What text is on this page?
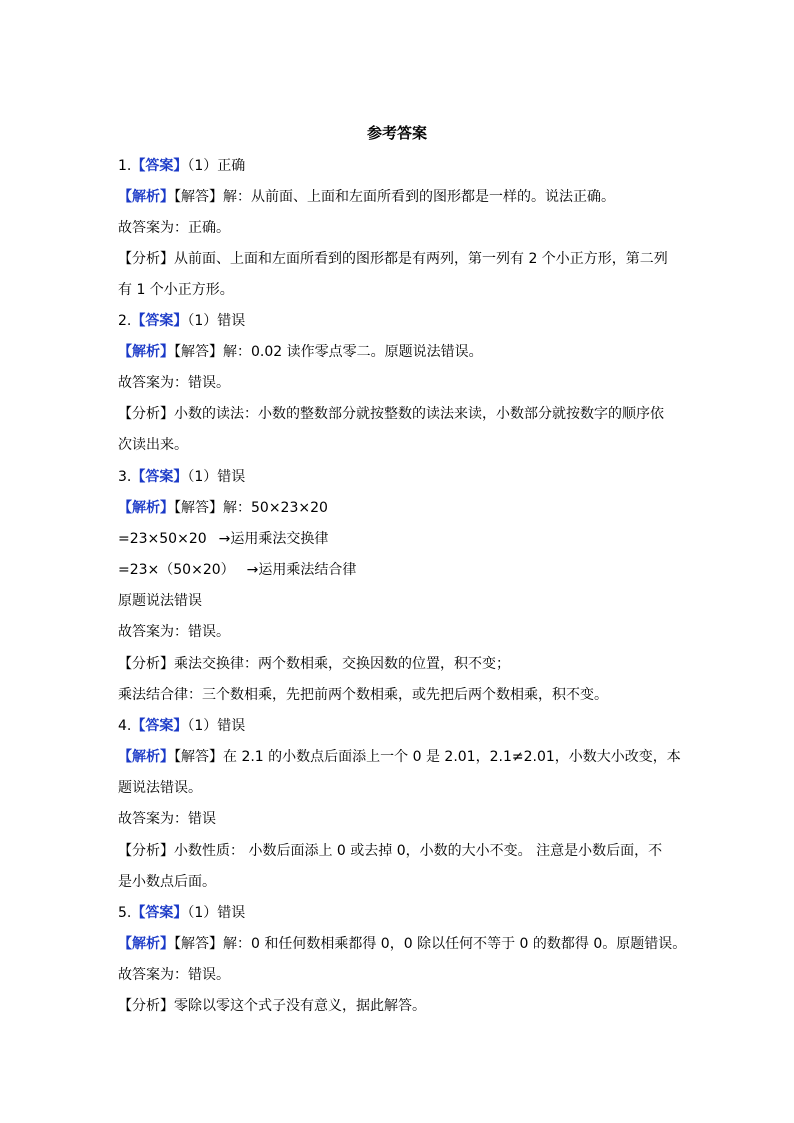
参考答案
1.【答案】（1）正确
【解析】【解答】解：从前面、上面和左面所看到的图形都是一样的。说法正确。
故答案为：正确。
【分析】从前面、上面和左面所看到的图形都是有两列，第一列有 2 个小正方形，第二列
有 1 个小正方形。
2.【答案】（1）错误
【解析】【解答】解：0.02 读作零点零二。原题说法错误。
故答案为：错误。
【分析】小数的读法：小数的整数部分就按整数的读法来读，小数部分就按数字的顺序依
次读出来。
3.【答案】（1）错误
【解析】【解答】解：50×23×20
=23×50×20 →运用乘法交换律
=23×（50×20） →运用乘法结合律
原题说法错误
故答案为：错误。
【分析】乘法交换律：两个数相乘，交换因数的位置，积不变；
乘法结合律：三个数相乘，先把前两个数相乘，或先把后两个数相乘，积不变。
4.【答案】（1）错误
【解析】【解答】在 2.1 的小数点后面添上一个 0 是 2.01，2.1≠2.01，小数大小改变，本
题说法错误。
故答案为：错误
【分析】小数性质： 小数后面添上 0 或去掉 0，小数的大小不变。 注意是小数后面，不
是小数点后面。
5.【答案】（1）错误
【解析】【解答】解：0 和任何数相乘都得 0，0 除以任何不等于 0 的数都得 0。原题错误。
故答案为：错误。
【分析】零除以零这个式子没有意义，据此解答。
